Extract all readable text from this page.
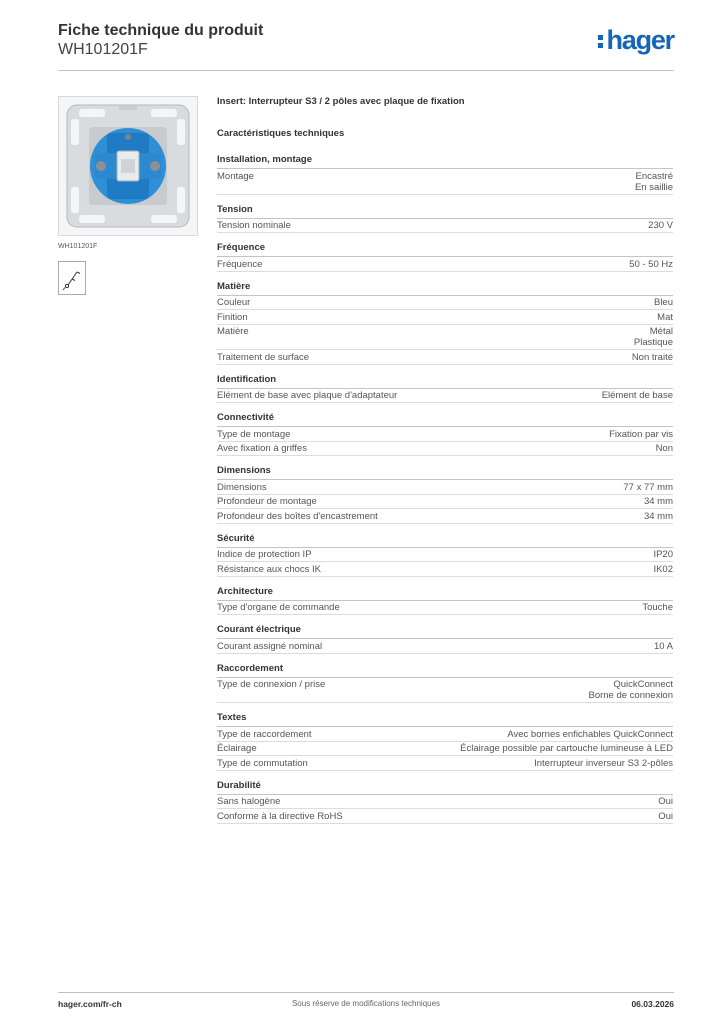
Fiche technique du produit
WH101201F	hager
WH101201F
Insert: Interrupteur S3 / 2 pôles avec plaque de fixation
Caractéristiques techniques
Installation, montage
Montage	Encastré
En saillie
Tension
Tension nominale	230 V
Fréquence
Fréquence	50 - 50 Hz
Matière
Couleur	Bleu
Finition	Mat
Matière	Métal
Plastique
Traitement de surface	Non traité
Identification
Elément de base avec plaque d'adaptateur	Elément de base
Connectivité
Type de montage	Fixation par vis
Avec fixation à griffes	Non
Dimensions
Dimensions	77 x 77 mm
Profondeur de montage	34 mm
Profondeur des boîtes d'encastrement	34 mm
Sécurité
Indice de protection IP	IP20
Résistance aux chocs IK	IK02
Architecture
Type d'organe de commande	Touche
Courant électrique
Courant assigné nominal	10 A
Raccordement
Type de connexion / prise	QuickConnect
Borne de connexion
Textes
Type de raccordement	Avec bornes enfichables QuickConnect
Éclairage	Éclairage possible par cartouche lumineuse à LED
Type de commutation	Interrupteur inverseur S3 2-pôles
Durabilité
Sans halogène	Oui
Conforme à la directive RoHS	Oui
hager.com/fr-ch	Sous réserve de modifications techniques	06.03.2026
